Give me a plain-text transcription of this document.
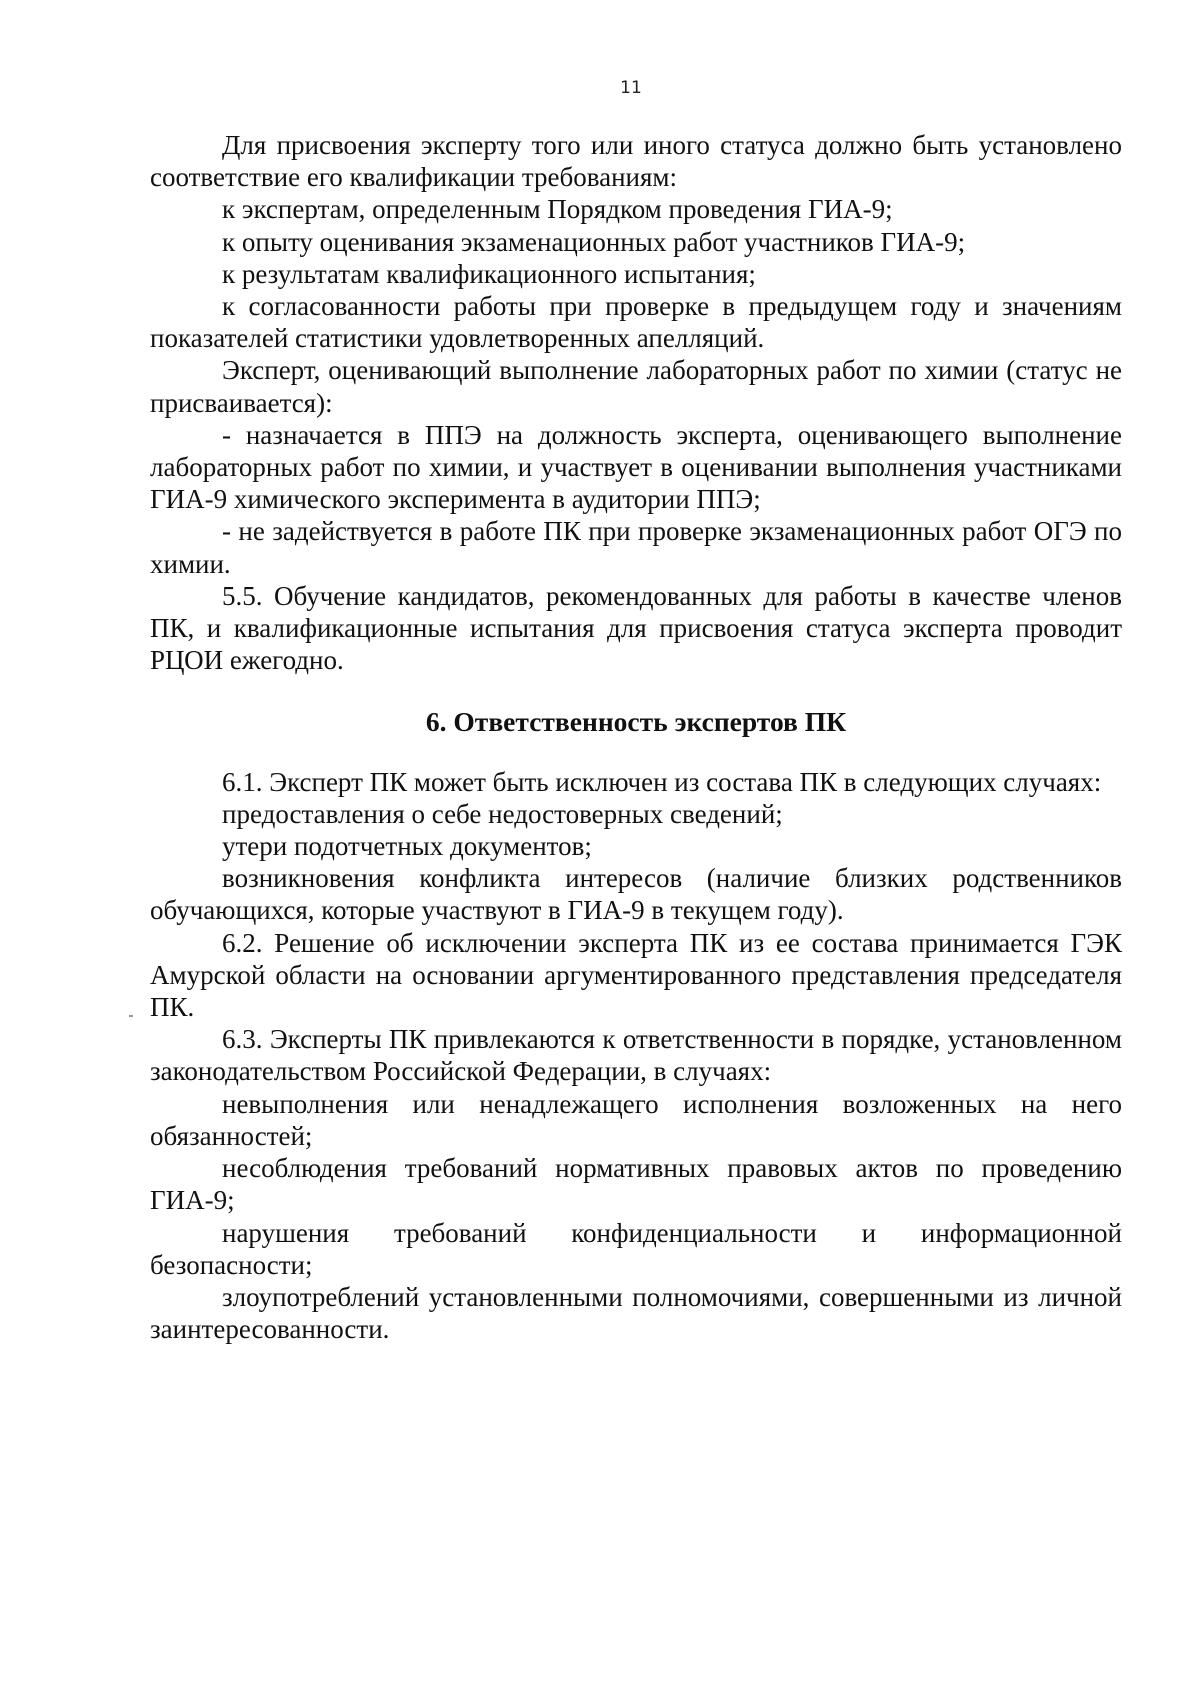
11

Для присвоения эксперту того или иного статуса должно быть установлено соответствие его квалификации требованиям:

к экспертам, определенным Порядком проведения ГИА-9;

к опыту оценивания экзаменационных работ участников ГИА-9;

к результатам квалификационного испытания;

к согласованности работы при проверке в предыдущем году и значениям показателей статистики удовлетворенных апелляций.

Эксперт, оценивающий выполнение лабораторных работ по химии (статус не присваивается):

- назначается в ППЭ на должность эксперта, оценивающего выполнение лабораторных работ по химии, и участвует в оценивании выполнения участниками ГИА-9 химического эксперимента в аудитории ППЭ;

- не задействуется в работе ПК при проверке экзаменационных работ ОГЭ по химии.

5.5. Обучение кандидатов, рекомендованных для работы в качестве членов ПК, и квалификационные испытания для присвоения статуса эксперта проводит РЦОИ ежегодно.

6. Ответственность экспертов ПК

6.1. Эксперт ПК может быть исключен из состава ПК в следующих случаях:

предоставления о себе недостоверных сведений;

утери подотчетных документов;

возникновения конфликта интересов (наличие близких родственников обучающихся, которые участвуют в ГИА-9 в текущем году).

6.2. Решение об исключении эксперта ПК из ее состава принимается ГЭК Амурской области на основании аргументированного представления председателя ПК.

6.3. Эксперты ПК привлекаются к ответственности в порядке, установленном законодательством Российской Федерации, в случаях:

невыполнения или ненадлежащего исполнения возложенных на него обязанностей;

несоблюдения требований нормативных правовых актов по проведению ГИА-9;

нарушения требований конфиденциальности и информационной безопасности;

злоупотреблений установленными полномочиями, совершенными из личной заинтересованности.
